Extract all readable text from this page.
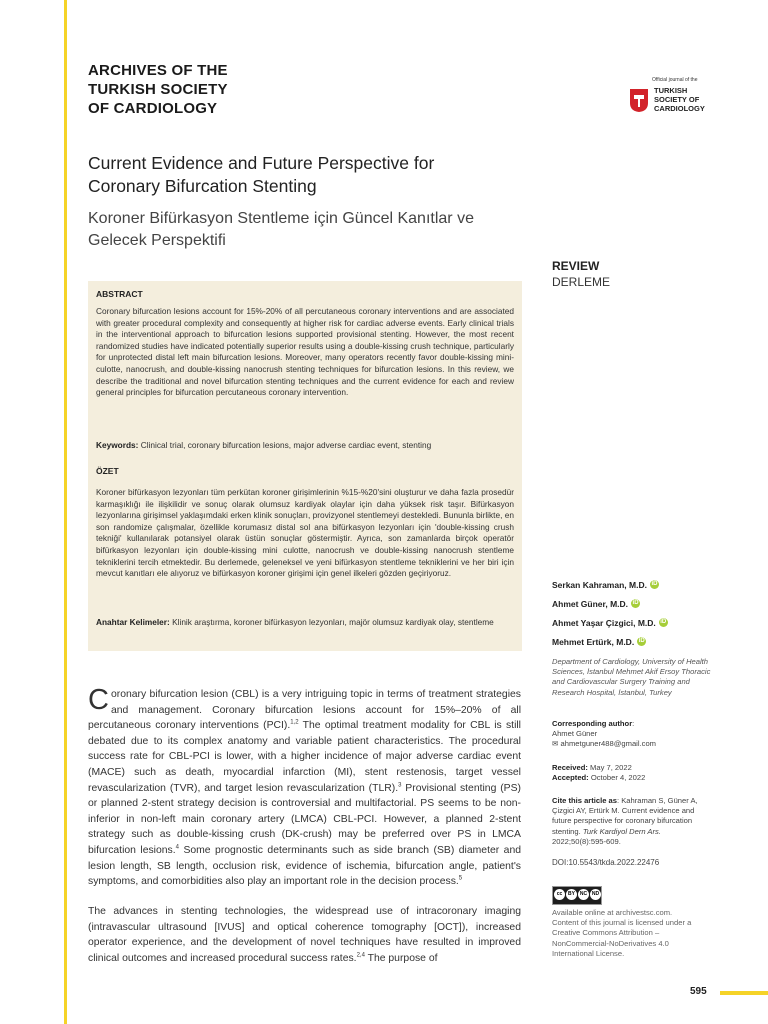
ARCHIVES OF THE
TURKISH SOCIETY
OF CARDIOLOGY
Official journal of the
TURKISH
SOCIETY OF
CARDIOLOGY
Current Evidence and Future Perspective for
Coronary Bifurcation Stenting
Koroner Bifürkasyon Stentleme için Güncel Kanıtlar ve
Gelecek Perspektifi
REVIEW
DERLEME
ABSTRACT

Coronary bifurcation lesions account for 15%-20% of all percutaneous coronary interventions and are associated with greater procedural complexity and consequently at higher risk for cardiac adverse events. Early clinical trials in the interventional approach to bifurcation lesions supported provisional stenting. However, the most recent randomized studies have indicated potentially superior results using a double-kissing crush technique, particularly for unprotected distal left main bifurcation lesions. Moreover, many operators recently favor double-kissing mini-culotte, nanocrush, and double-kissing nanocrush stenting techniques for bifurcation lesions. In this review, we describe the traditional and novel bifurcation stenting techniques and the current evidence for each and review general principles for bifurcation percutaneous coronary intervention.

Keywords: Clinical trial, coronary bifurcation lesions, major adverse cardiac event, stenting

ÖZET

Koroner bifürkasyon lezyonları tüm perkütan koroner girişimlerinin %15-%20'sini oluşturur ve daha fazla prosedür karmaşıklığı ile ilişkilidir ve sonuç olarak olumsuz kardiyak olaylar için daha yüksek risk taşır. Bifürkasyon lezyonlarına girişimsel yaklaşımdaki erken klinik sonuçları, provizyonel stentlemeyi destekledi. Bununla birlikte, en son randomize çalışmalar, özellikle korumasız distal sol ana bifürkasyon lezyonları için 'double-kissing crush tekniği' kullanılarak potansiyel olarak üstün sonuçlar göstermiştir. Ayrıca, son zamanlarda birçok operatör bifürkasyon lezyonları için double-kissing mini culotte, nanocrush ve double-kissing nanocrush stentleme tekniklerini tercih etmektedir. Bu derlemede, geleneksel ve yeni bifürkasyon stentleme tekniklerini ve her biri için mevcut kanıtları ele alıyoruz ve bifürkasyon koroner girişimi için genel ilkeleri gözden geçiriyoruz.

Anahtar Kelimeler: Klinik araştırma, koroner bifürkasyon lezyonları, majör olumsuz kardiyak olay, stentleme

Serkan Kahraman, M.D. iD
Ahmet Güner, M.D. iD
Ahmet Yaşar Çizgici, M.D. iD
Mehmet Ertürk, M.D. iD
Department of Cardiology, University of Health Sciences, İstanbul Mehmet Akif Ersoy Thoracic and Cardiovascular Surgery Training and Research Hospital, İstanbul, Turkey
Corresponding author:
Ahmet Güner
✉ ahmetguner488@gmail.com
Received: May 7, 2022
Accepted: October 4, 2022
Cite this article as: Kahraman S, Güner A, Çizgici AY, Ertürk M. Current evidence and future perspective for coronary bifurcation stenting. Turk Kardiyol Dern Ars. 2022;50(8):595-609.
DOI:10.5543/tkda.2022.22476
cc	BY NC ND
Available online at archivestsc.com.
Content of this journal is licensed under a Creative Commons Attribution – NonCommercial-NoDerivatives 4.0 International License.

Coronary bifurcation lesion (CBL) is a very intriguing topic in terms of treatment strategies and management. Coronary bifurcation lesions account for 15%–20% of all percutaneous coronary interventions (PCI).$^{1,2}$ The optimal treatment modality for CBL is still debated due to its complex anatomy and variable patient characteristics. The procedural success rate for CBL-PCI is lower, with a higher incidence of major adverse cardiac event (MACE) such as death, myocardial infarction (MI), stent restenosis, target vessel revascularization (TVR), and target lesion revascularization (TLR).$^3$ Provisional stenting (PS) or planned 2-stent strategy decision is controversial and multifactorial. PS seems to be non-inferior in non-left main coronary artery (LMCA) CBL-PCI. However, a planned 2-stent strategy such as double-kissing crush (DK-crush) may be preferred over PS in LMCA bifurcation lesions.$^4$ Some prognostic determinants such as side branch (SB) diameter and lesion length, SB length, occlusion risk, evidence of ischemia, bifurcation angle, patient's symptoms, and comorbidities also play an important role in the decision process.$^5$

The advances in stenting technologies, the widespread use of intracoronary imaging (intravascular ultrasound [IVUS] and optical coherence tomography [OCT]), increased operator experience, and the development of novel techniques have resulted in improved clinical outcomes and increased procedural success rates.$^{2,4}$ The purpose of

595
